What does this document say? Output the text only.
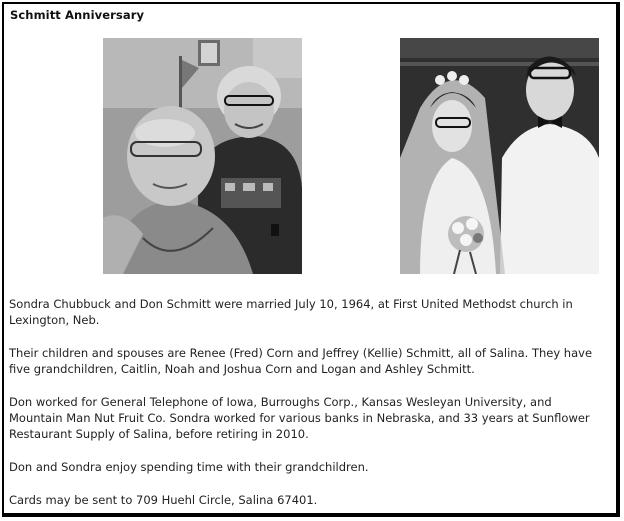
Schmitt Anniversary

Sondra Chubbuck and Don Schmitt were married July 10, 1964, at First United Methodst church in Lexington, Neb.

Their children and spouses are Renee (Fred) Corn and Jeffrey (Kellie) Schmitt, all of Salina. They have five grandchildren, Caitlin, Noah and Joshua Corn and Logan and Ashley Schmitt.

Don worked for General Telephone of Iowa, Burroughs Corp., Kansas Wesleyan University, and Mountain Man Nut Fruit Co. Sondra worked for various banks in Nebraska, and 33 years at Sunflower Restaurant Supply of Salina, before retiring in 2010.

Don and Sondra enjoy spending time with their grandchildren.

Cards may be sent to 709 Huehl Circle, Salina 67401.
